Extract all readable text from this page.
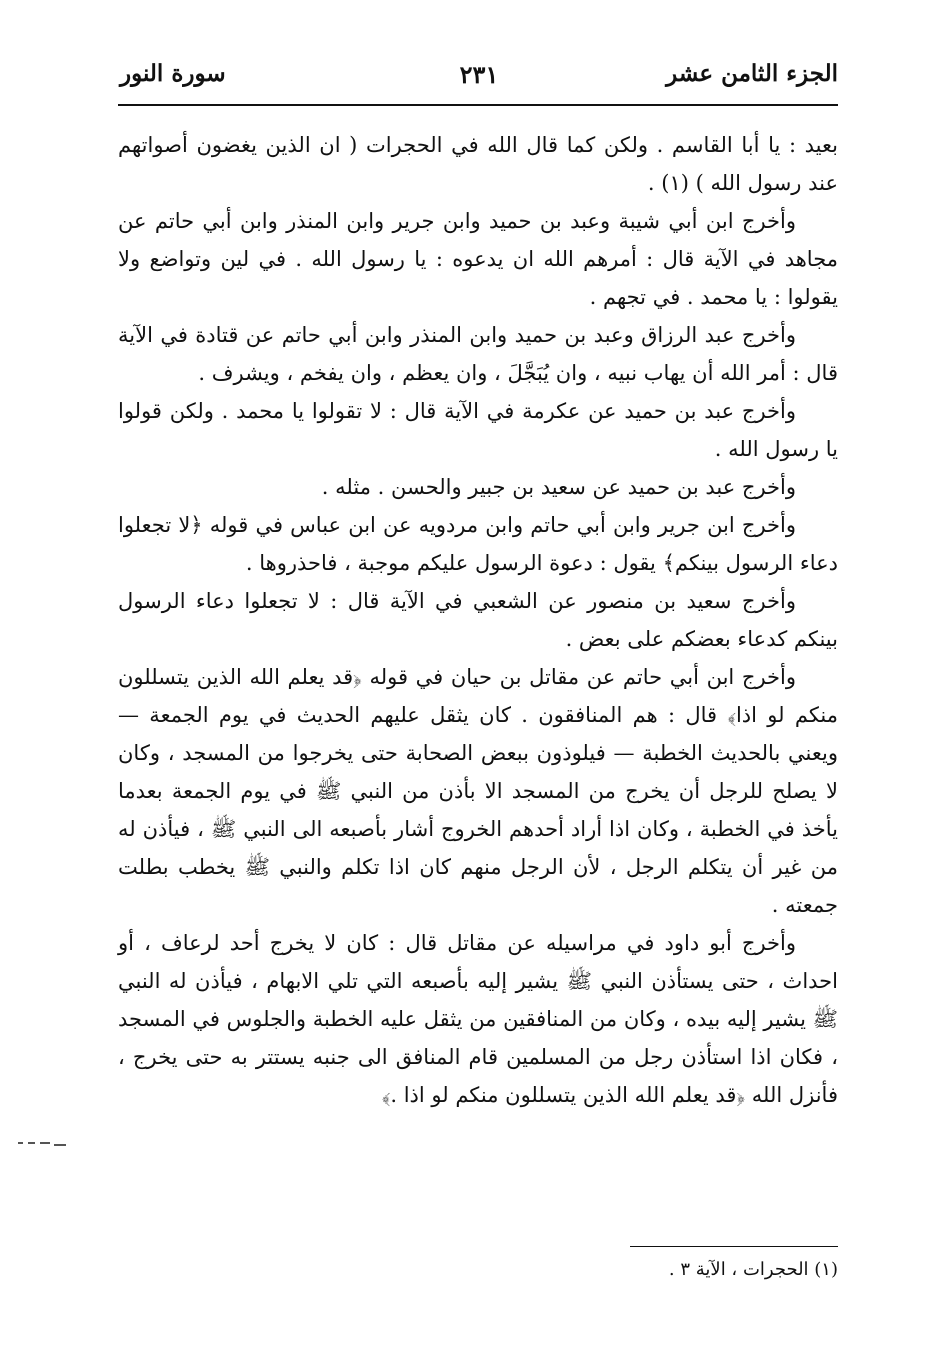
الجزء الثامن عشر
٢٣١
سورة النور

بعيد : يا أبا القاسم . ولكن كما قال الله في الحجرات ( ان الذين يغضون أصواتهم عند رسول الله ) (١) .

وأخرج ابن أبي شيبة وعبد بن حميد وابن جرير وابن المنذر وابن أبي حاتم عن مجاهد في الآية قال : أمرهم الله ان يدعوه : يا رسول الله . في لين وتواضع ولا يقولوا : يا محمد . في تجهم .

وأخرج عبد الرزاق وعبد بن حميد وابن المنذر وابن أبي حاتم عن قتادة في الآية قال : أمر الله أن يهاب نبيه ، وان يُبَجَّلَ ، وان يعظم ، وان يفخم ، ويشرف .

وأخرج عبد بن حميد عن عكرمة في الآية قال : لا تقولوا يا محمد . ولكن قولوا يا رسول الله .

وأخرج عبد بن حميد عن سعيد بن جبير والحسن . مثله .

وأخرج ابن جرير وابن أبي حاتم وابن مردويه عن ابن عباس في قوله ﴿لا تجعلوا دعاء الرسول بينكم﴾ يقول : دعوة الرسول عليكم موجبة ، فاحذروها .

وأخرج سعيد بن منصور عن الشعبي في الآية قال : لا تجعلوا دعاء الرسول بينكم كدعاء بعضكم على بعض .

وأخرج ابن أبي حاتم عن مقاتل بن حيان في قوله ﴿قد يعلم الله الذين يتسللون منكم لو اذا﴾ قال : هم المنافقون . كان يثقل عليهم الحديث في يوم الجمعة — ويعني بالحديث الخطبة — فيلوذون ببعض الصحابة حتى يخرجوا من المسجد ، وكان لا يصلح للرجل أن يخرج من المسجد الا بأذن من النبي ﷺ في يوم الجمعة بعدما يأخذ في الخطبة ، وكان اذا أراد أحدهم الخروج أشار بأصبعه الى النبي ﷺ ، فيأذن له من غير أن يتكلم الرجل ، لأن الرجل منهم كان اذا تكلم والنبي ﷺ يخطب بطلت جمعته .

وأخرج أبو داود في مراسيله عن مقاتل قال : كان لا يخرج أحد لرعاف ، أو احداث ، حتى يستأذن النبي ﷺ يشير إليه بأصبعه التي تلي الابهام ، فيأذن له النبي ﷺ يشير إليه بيده ، وكان من المنافقين من يثقل عليه الخطبة والجلوس في المسجد ، فكان اذا استأذن رجل من المسلمين قام المنافق الى جنبه يستتر به حتى يخرج ، فأنزل الله ﴿قد يعلم الله الذين يتسللون منكم لو اذا .﴾

(١) الحجرات ، الآية ٣ .
